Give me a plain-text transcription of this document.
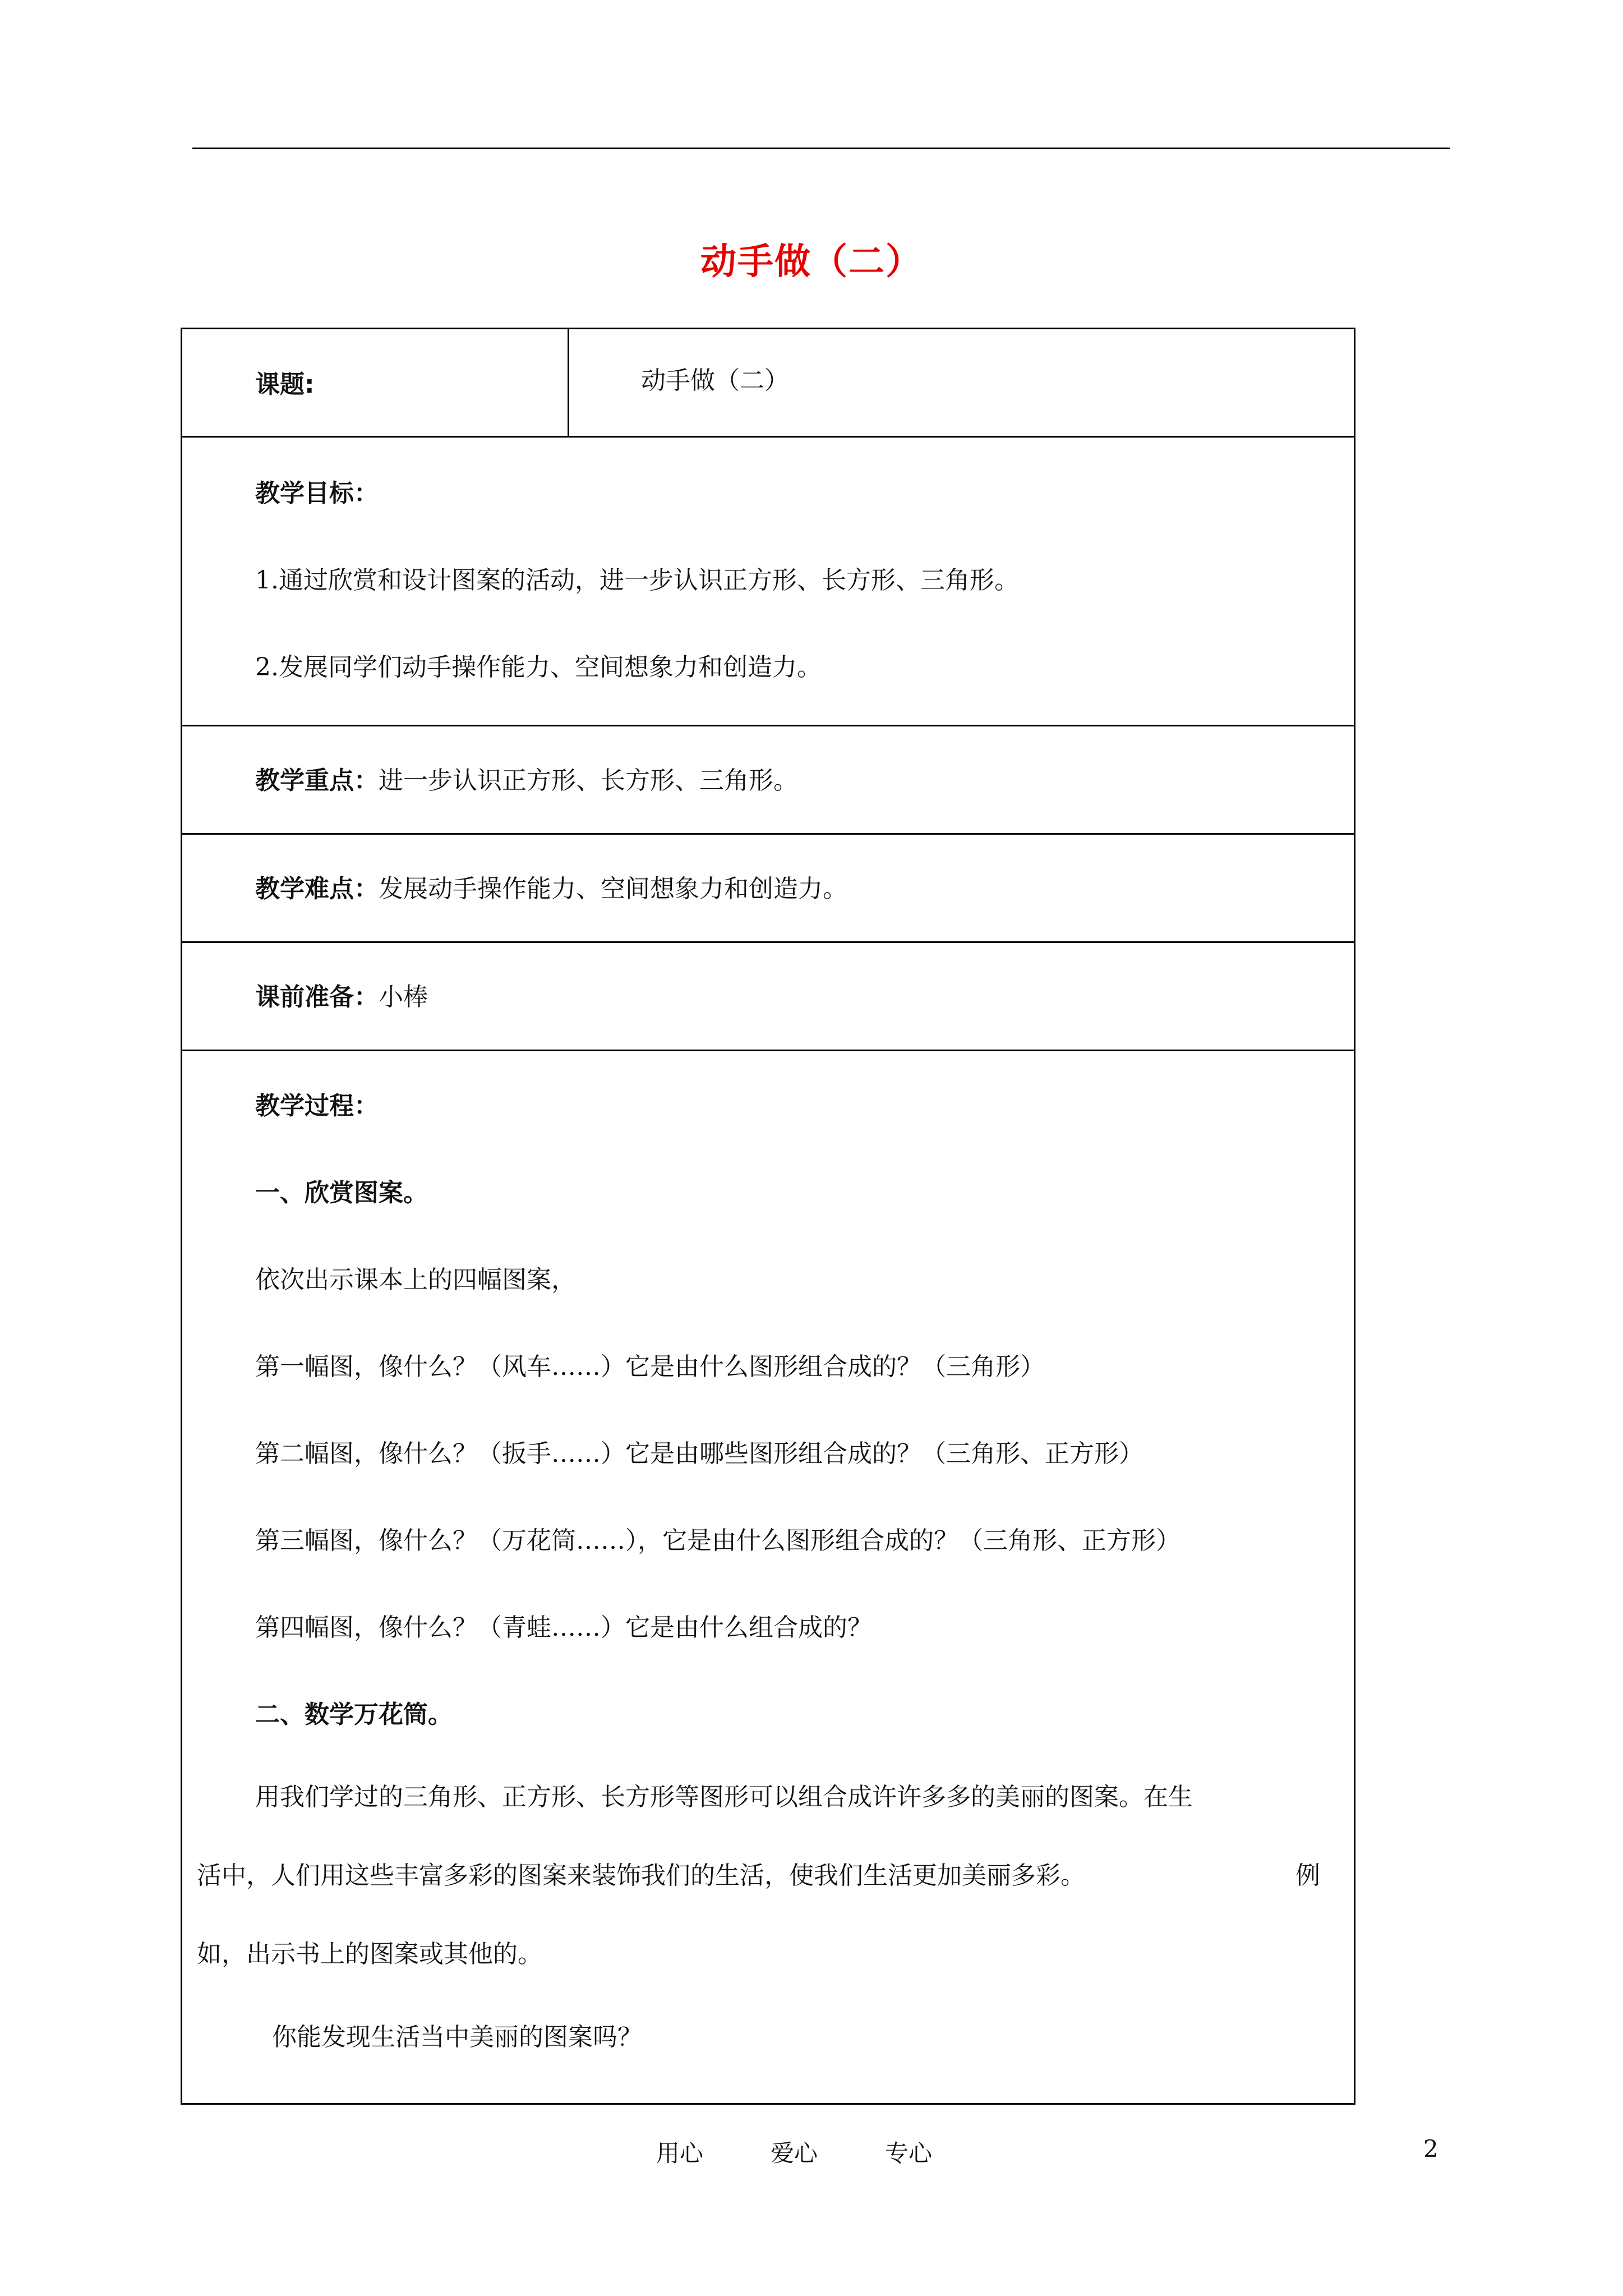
动手做（二）
课题:	动手做（二）

教学目标：
1.通过欣赏和设计图案的活动，进一步认识正方形、长方形、三角形。
2.发展同学们动手操作能力、空间想象力和创造力。

教学重点：进一步认识正方形、长方形、三角形。

教学难点：发展动手操作能力、空间想象力和创造力。

课前准备：小棒

教学过程：
一、欣赏图案。
依次出示课本上的四幅图案，
第一幅图，像什么？（风车……）它是由什么图形组合成的？（三角形）
第二幅图，像什么？（扳手……）它是由哪些图形组合成的？（三角形、正方形）
第三幅图，像什么？（万花筒……），它是由什么图形组合成的？（三角形、正方形）
第四幅图，像什么？（青蛙……）它是由什么组合成的？
二、数学万花筒。
用我们学过的三角形、正方形、长方形等图形可以组合成许许多多的美丽的图案。在生
活中，人们用这些丰富多彩的图案来装饰我们的生活，使我们生活更加美丽多彩。	例
如，出示书上的图案或其他的。
你能发现生活当中美丽的图案吗？
用心	爱心	专心	2
